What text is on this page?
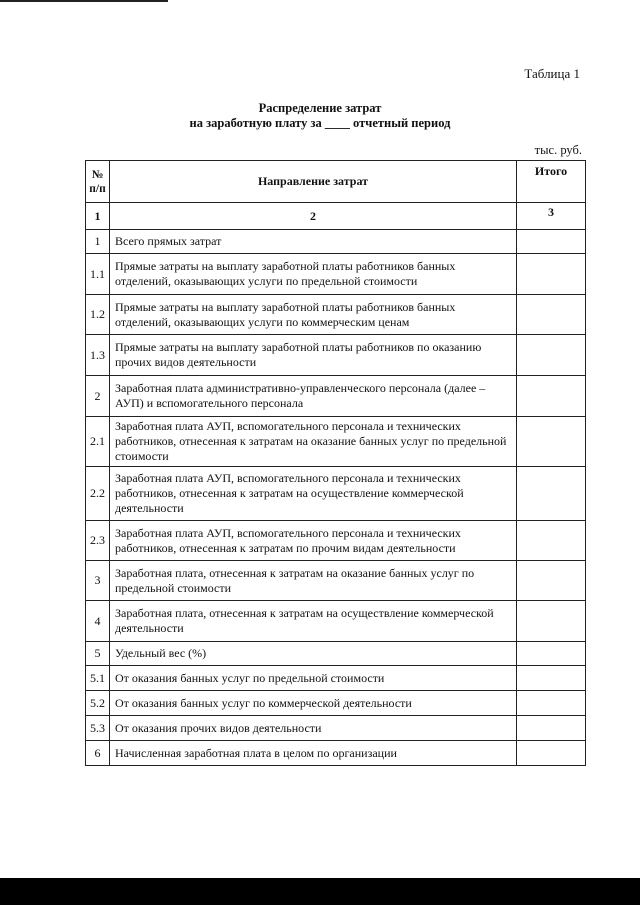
Таблица 1
Распределение затрат
на заработную плату за ____ отчетный период
тыс. руб.
№ п/п	Направление затрат	Итого
1	2	3
1	Всего прямых затрат	
1.1	Прямые затраты на выплату заработной платы работников банных отделений, оказывающих услуги по предельной стоимости	
1.2	Прямые затраты на выплату заработной платы работников банных отделений, оказывающих услуги по коммерческим ценам	
1.3	Прямые затраты на выплату заработной платы работников по оказанию прочих видов деятельности	
2	Заработная плата административно-управленческого персонала (далее – АУП) и вспомогательного персонала	
2.1	Заработная плата АУП, вспомогательного персонала и технических работников, отнесенная к затратам на оказание банных услуг по предельной стоимости	
2.2	Заработная плата АУП, вспомогательного персонала и технических работников, отнесенная к затратам на осуществление коммерческой деятельности	
2.3	Заработная плата АУП, вспомогательного персонала и технических работников, отнесенная к затратам по прочим видам деятельности	
3	Заработная плата, отнесенная к затратам на оказание банных услуг по предельной стоимости	
4	Заработная плата, отнесенная к затратам на осуществление коммерческой деятельности	
5	Удельный вес (%)	
5.1	От оказания банных услуг по предельной стоимости	
5.2	От оказания банных услуг по коммерческой деятельности	
5.3	От оказания прочих видов деятельности	
6	Начисленная заработная плата в целом по организации	
